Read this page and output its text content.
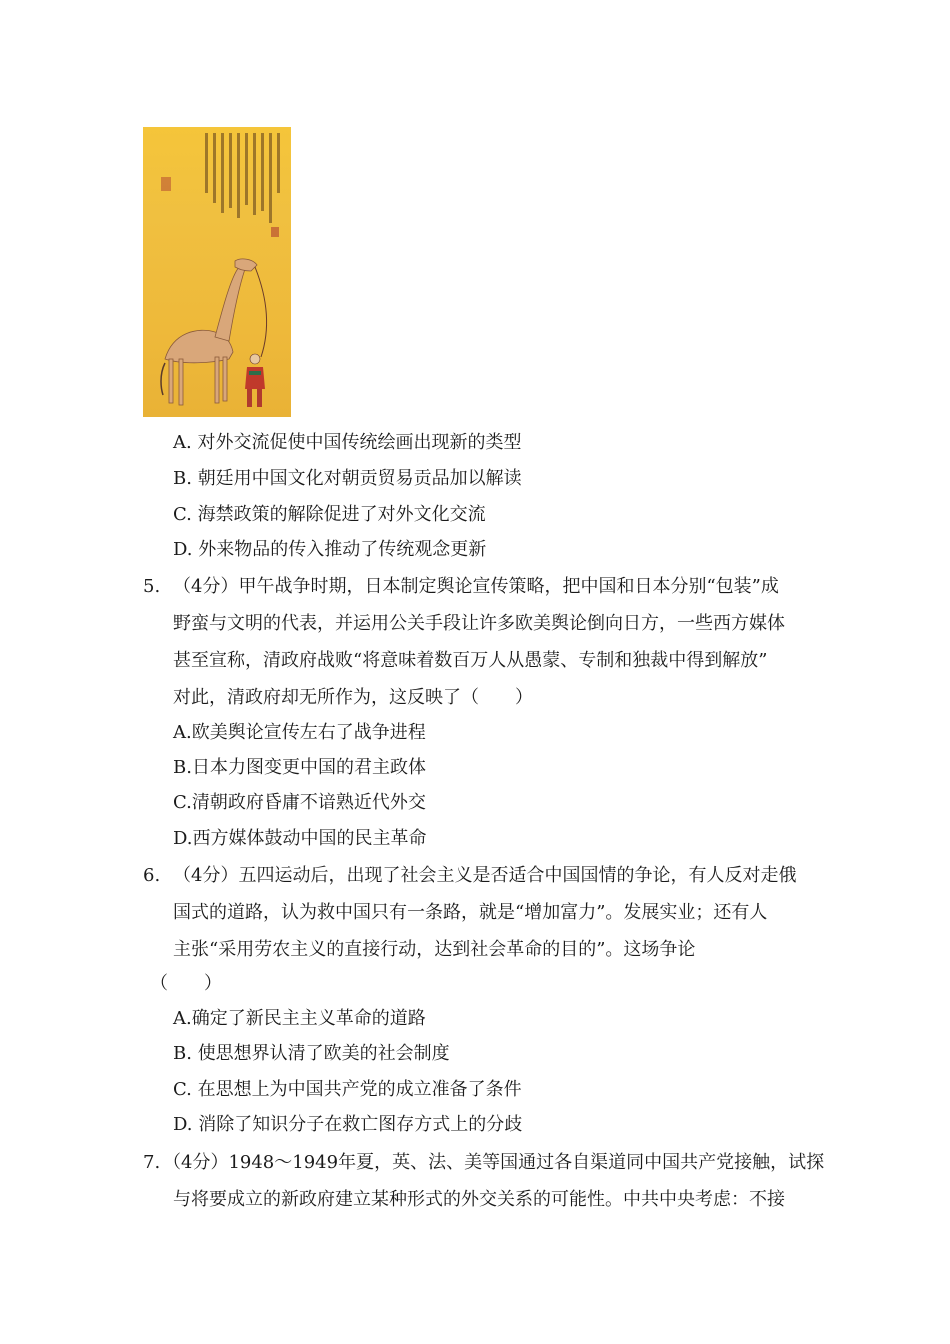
A. 对外交流促使中国传统绘画出现新的类型
B. 朝廷用中国文化对朝贡贸易贡品加以解读
C. 海禁政策的解除促进了对外文化交流
D. 外来物品的传入推动了传统观念更新
5. （4分）甲午战争时期，日本制定舆论宣传策略，把中国和日本分别“包装”成
野蛮与文明的代表，并运用公关手段让许多欧美舆论倒向日方，一些西方媒体
甚至宣称，清政府战败“将意味着数百万人从愚蒙、专制和独裁中得到解放”
对此，清政府却无所作为，这反映了（　　）
A.欧美舆论宣传左右了战争进程
B.日本力图变更中国的君主政体
C.清朝政府昏庸不谙熟近代外交
D.西方媒体鼓动中国的民主革命
6. （4分）五四运动后，出现了社会主义是否适合中国国情的争论，有人反对走俄
国式的道路，认为救中国只有一条路，就是“增加富力”。发展实业；还有人
主张“采用劳农主义的直接行动，达到社会革命的目的”。这场争论
（　　）
A.确定了新民主主义革命的道路
B. 使思想界认清了欧美的社会制度
C. 在思想上为中国共产党的成立准备了条件
D. 消除了知识分子在救亡图存方式上的分歧
7. （4分）1948～1949年夏，英、法、美等国通过各自渠道同中国共产党接触，试探
与将要成立的新政府建立某种形式的外交关系的可能性。中共中央考虑：不接
